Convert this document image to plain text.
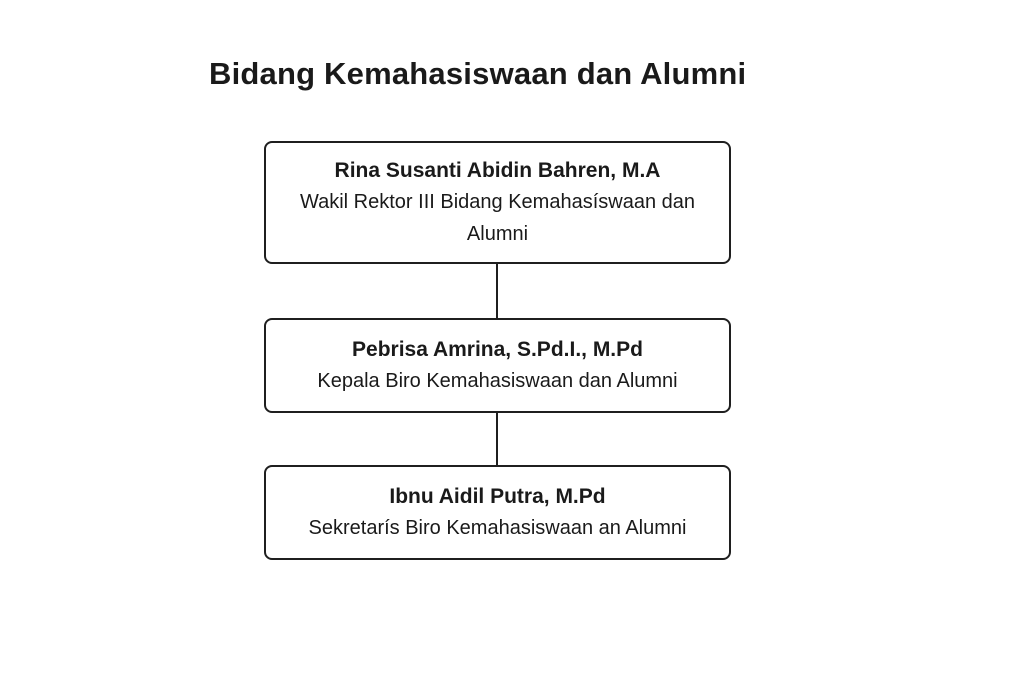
Bidang Kemahasiswaan dan Alumni
Rina Susanti Abidin Bahren, M.A
Wakil Rektor III Bidang Kemahasíswaan dan Alumni
Pebrisa Amrina, S.Pd.I., M.Pd
Kepala Biro Kemahasiswaan dan Alumni
Ibnu Aidil Putra, M.Pd
Sekretarís Biro Kemahasiswaan an Alumni
